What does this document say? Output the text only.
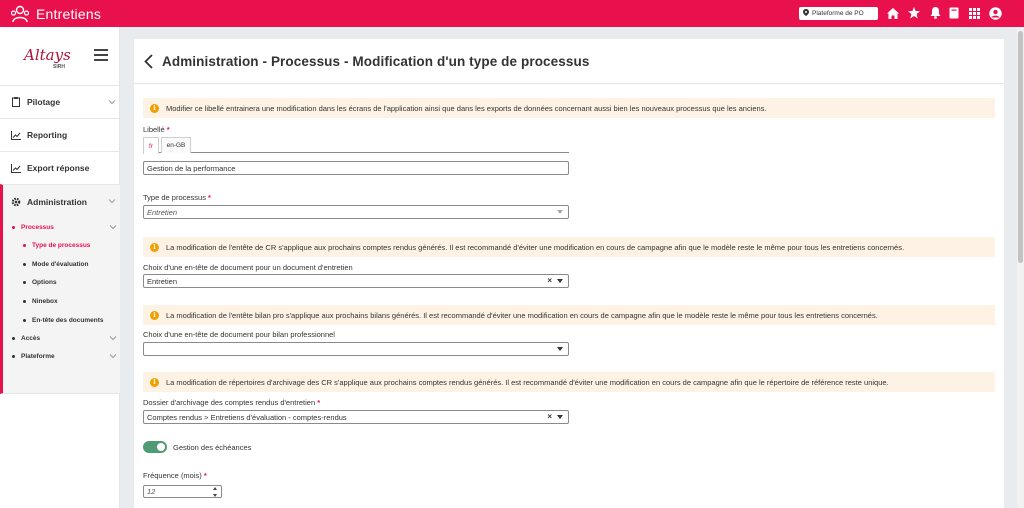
Entretiens	Plateforme de PO
Altays
SIRH
Pilotage
Reporting
Export réponse
Administration
Processus
Type de processus
Mode d'évaluation
Options
Ninebox
En-tête des documents
Accès
Plateforme
Administration - Processus - Modification d'un type de processus
i	Modifier ce libellé entrainera une modification dans les écrans de l'application ainsi que dans les exports de données concernant aussi bien les nouveaux processus que les anciens.
Libellé *
fr	en-GB
Gestion de la performance
Type de processus *
Entretien
i	La modification de l'entête de CR s'applique aux prochains comptes rendus générés. Il est recommandé d'éviter une modification en cours de campagne afin que le modèle reste le même pour tous les entretiens concernés.
Choix d'une en-tête de document pour un document d'entretien
Entretien	×
i	La modification de l'entête bilan pro s'applique aux prochains bilans générés. Il est recommandé d'éviter une modification en cours de campagne afin que le modèle reste le même pour tous les entretiens concernés.
Choix d'une en-tête de document pour bilan professionnel
i	La modification de répertoires d'archivage des CR s'applique aux prochains comptes rendus générés. Il est recommandé d'éviter une modification en cours de campagne afin que le répertoire de référence reste unique.
Dossier d'archivage des comptes rendus d'entretien *
Comptes rendus > Entretiens d'évaluation - comptes-rendus	×
Gestion des échéances
Fréquence (mois) *
12
